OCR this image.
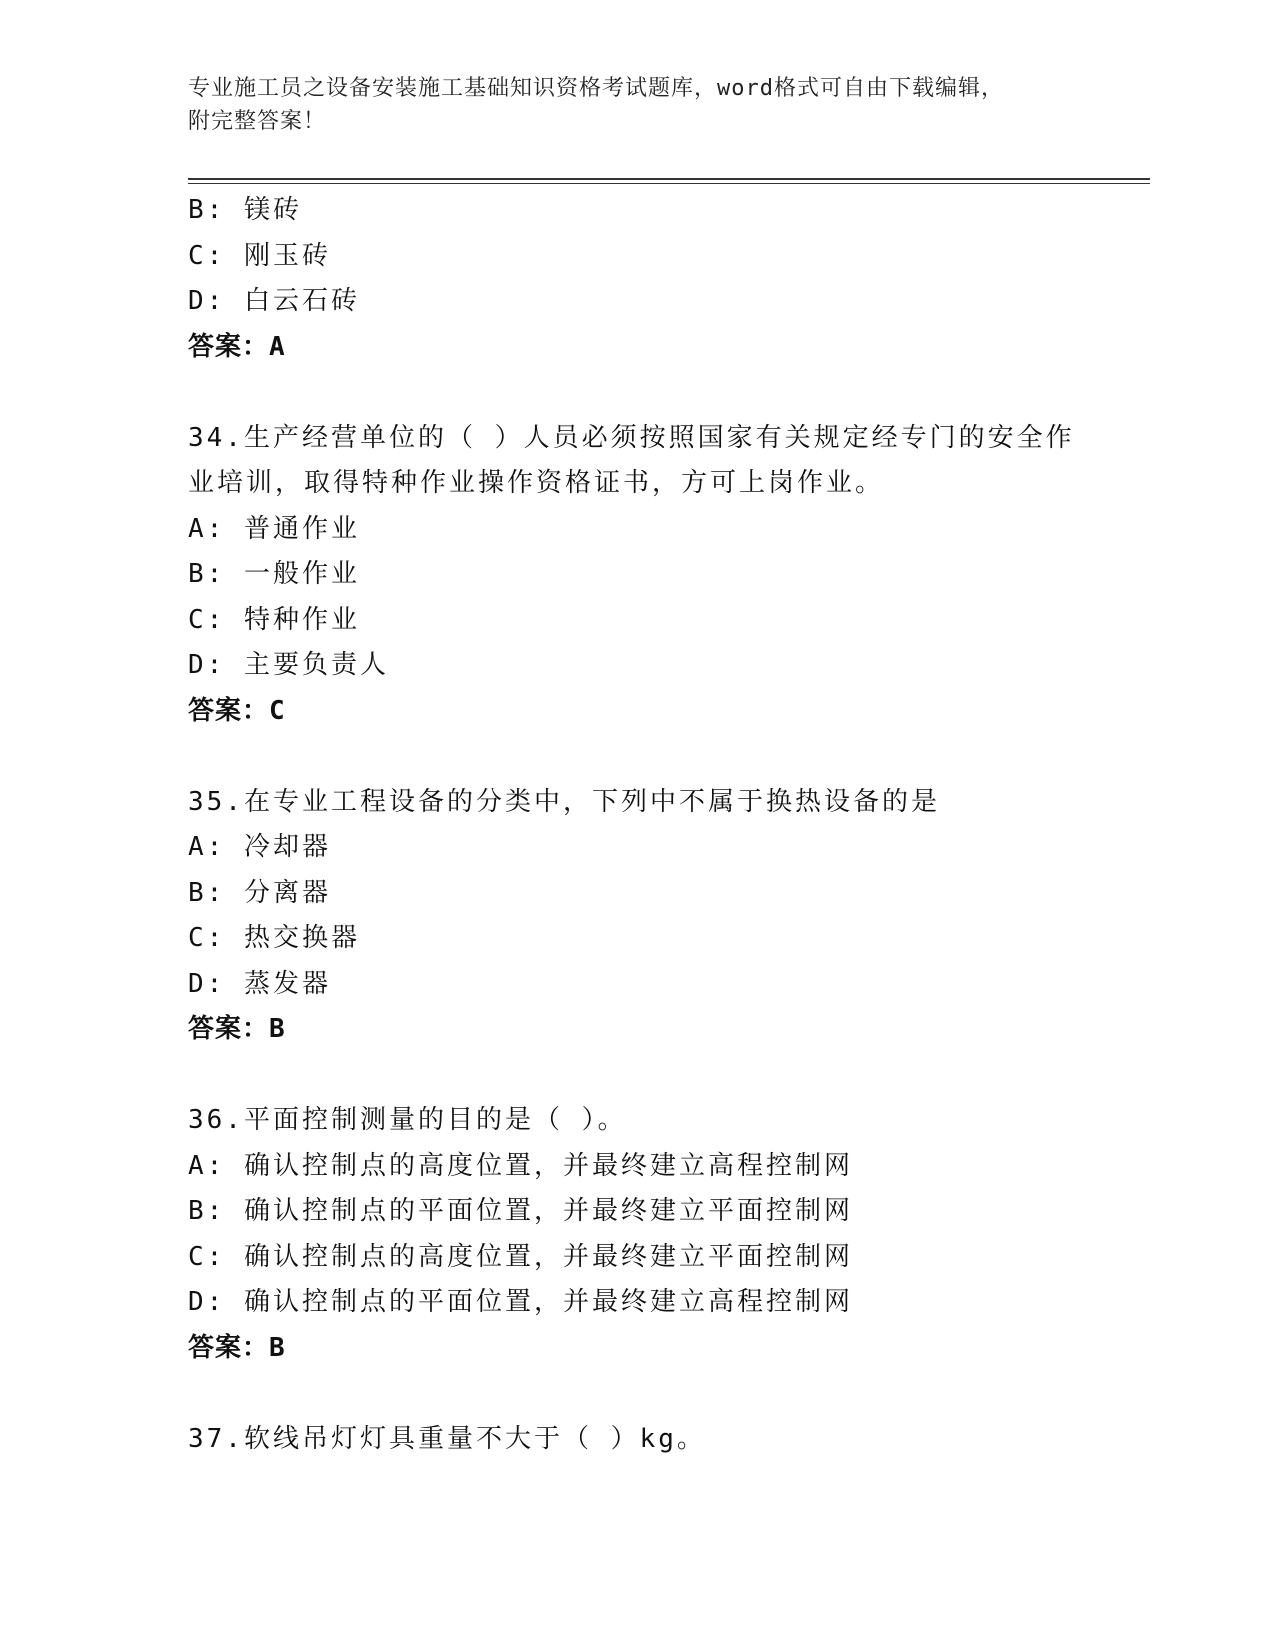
专业施工员之设备安装施工基础知识资格考试题库，word格式可自由下载编辑，
附完整答案！
B: 镁砖
C: 刚玉砖
D: 白云石砖
答案：A
34.生产经营单位的（ ）人员必须按照国家有关规定经专门的安全作
业培训，取得特种作业操作资格证书，方可上岗作业。
A: 普通作业
B: 一般作业
C: 特种作业
D: 主要负责人
答案：C
35.在专业工程设备的分类中，下列中不属于换热设备的是
A: 冷却器
B: 分离器
C: 热交换器
D: 蒸发器
答案：B
36.平面控制测量的目的是（ ）。
A: 确认控制点的高度位置，并最终建立高程控制网
B: 确认控制点的平面位置，并最终建立平面控制网
C: 确认控制点的高度位置，并最终建立平面控制网
D: 确认控制点的平面位置，并最终建立高程控制网
答案：B
37.软线吊灯灯具重量不大于（ ）kg。
